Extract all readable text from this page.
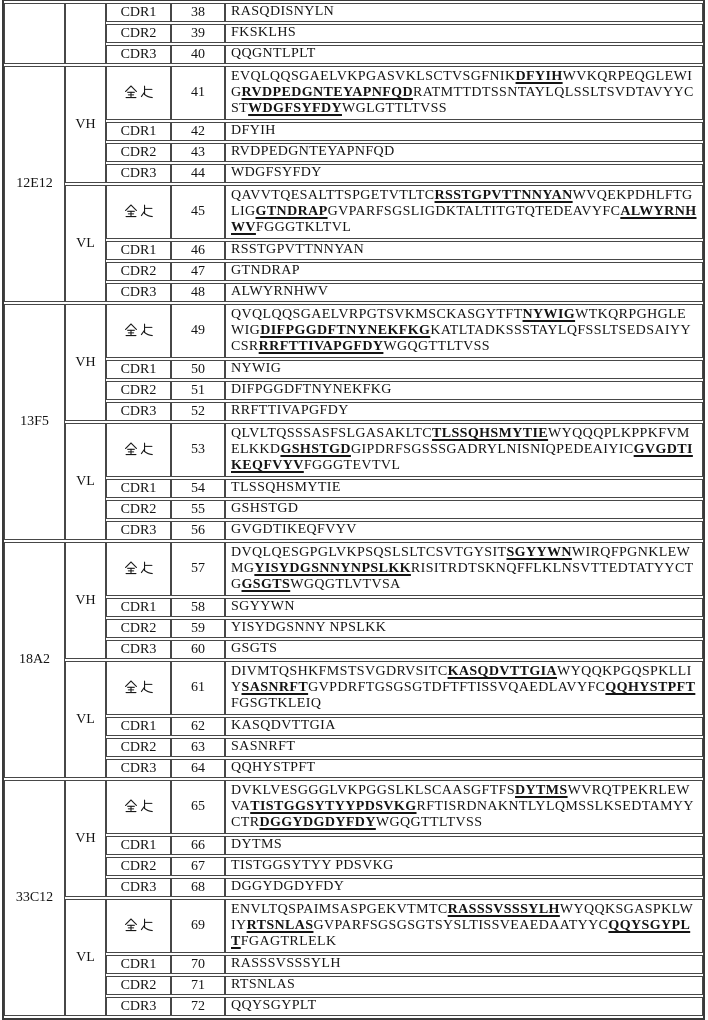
		CDR1	38	RASQDISNYLN
		CDR2	39	FKSKLHS
		CDR3	40	QQGNTLPLT
12E12	VH		41	EVQLQQSGAELVKPGASVKLSCTVSGFNIKDFYIHWVKQRPEQGLEWIGRVDPEDGNTEYAPNFQDRATMTTDTSSNTAYLQLSSLTSVDTAVYYCSTWDGFSYFDYWGLGTTLTVSS
		CDR1	42	DFYIH
		CDR2	43	RVDPEDGNTEYAPNFQD
		CDR3	44	WDGFSYFDY
	VL		45	QAVVTQESALTTSPGETVTLTCRSSTGPVTTNNYANWVQEKPDHLFTGLIGGTNDRAPGVPARFSGSLIGDKTALTITGTQTEDEAVYFCALWYRNHWVFGGGTKLTVL
		CDR1	46	RSSTGPVTTNNYAN
		CDR2	47	GTNDRAP
		CDR3	48	ALWYRNHWV
13F5	VH		49	QVQLQQSGAELVRPGTSVKMSCKASGYTFTNYWIGWTKQRPGHGLEWIGDIFPGGDFTNYNEKFKGKATLTADKSSSTAYLQFSSLTSEDSAIYYCSRRRFTTIVAPGFDYWGQGTTLTVSS
		CDR1	50	NYWIG
		CDR2	51	DIFPGGDFTNYNEKFKG
		CDR3	52	RRFTTIVAPGFDY
	VL		53	QLVLTQSSSASFSLGASAKLTCTLSSQHSMYTIEWYQQQPLKPPKFVMELKKDGSHSTGDGIPDRFSGSSSGADRYLNISNIQPEDEAIYICGVGDTIKEQFVYVFGGGTEVTVL
		CDR1	54	TLSSQHSMYTIE
		CDR2	55	GSHSTGD
		CDR3	56	GVGDTIKEQFVYV
18A2	VH		57	DVQLQESGPGLVKPSQSLSLTCSVTGYSITSGYYWNWIRQFPGNKLEWMGYISYDGSNNYNPSLKKRISITRDTSKNQFFLKLNSVTTEDTATYYCTGGSGTSWGQGTLVTVSA
		CDR1	58	SGYYWN
		CDR2	59	YISYDGSNNY NPSLKK
		CDR3	60	GSGTS
	VL		61	DIVMTQSHKFMSTSVGDRVSITCKASQDVTTGIAWYQQKPGQSPKLLIYSASNRFTGVPDRFTGSGSGTDFTFTISSVQAEDLAVYFCQQHYSTPFTFGSGTKLEIQ
		CDR1	62	KASQDVTTGIA
		CDR2	63	SASNRFT
		CDR3	64	QQHYSTPFT
33C12	VH		65	DVKLVESGGGLVKPGGSLKLSCAASGFTFSDYTMSWVRQTPEKRLEWVATISTGGSYTYYPDSVKGRFTISRDNAKNTLYLQMSSLKSEDTAMYYCTRDGGYDGDYFDYWGQGTTLTVSS
		CDR1	66	DYTMS
		CDR2	67	TISTGGSYTYY PDSVKG
		CDR3	68	DGGYDGDYFDY
	VL		69	ENVLTQSPAIMSASPGEKVTMTCRASSSVSSSYLHWYQQKSGASPKLWIYRTSNLASGVPARFSGSGSGTSYSLTISSVEAEDAATYYCQQYSGYPLTFGAGTRLELK
		CDR1	70	RASSSVSSSYLH
		CDR2	71	RTSNLAS
		CDR3	72	QQYSGYPLT
